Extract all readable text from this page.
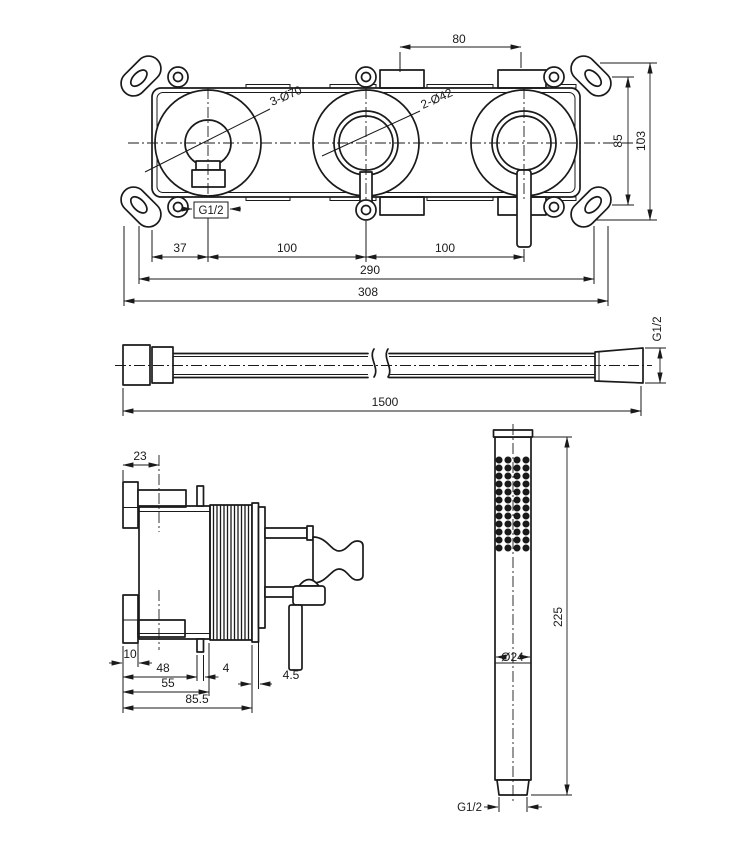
3-Ø70	2-Ø42
G1/2
80
85 103
37	100	100
290
308
G1/2
1500
23
10
48	4
55
4.5
85.5
Ø24
225
G1/2
